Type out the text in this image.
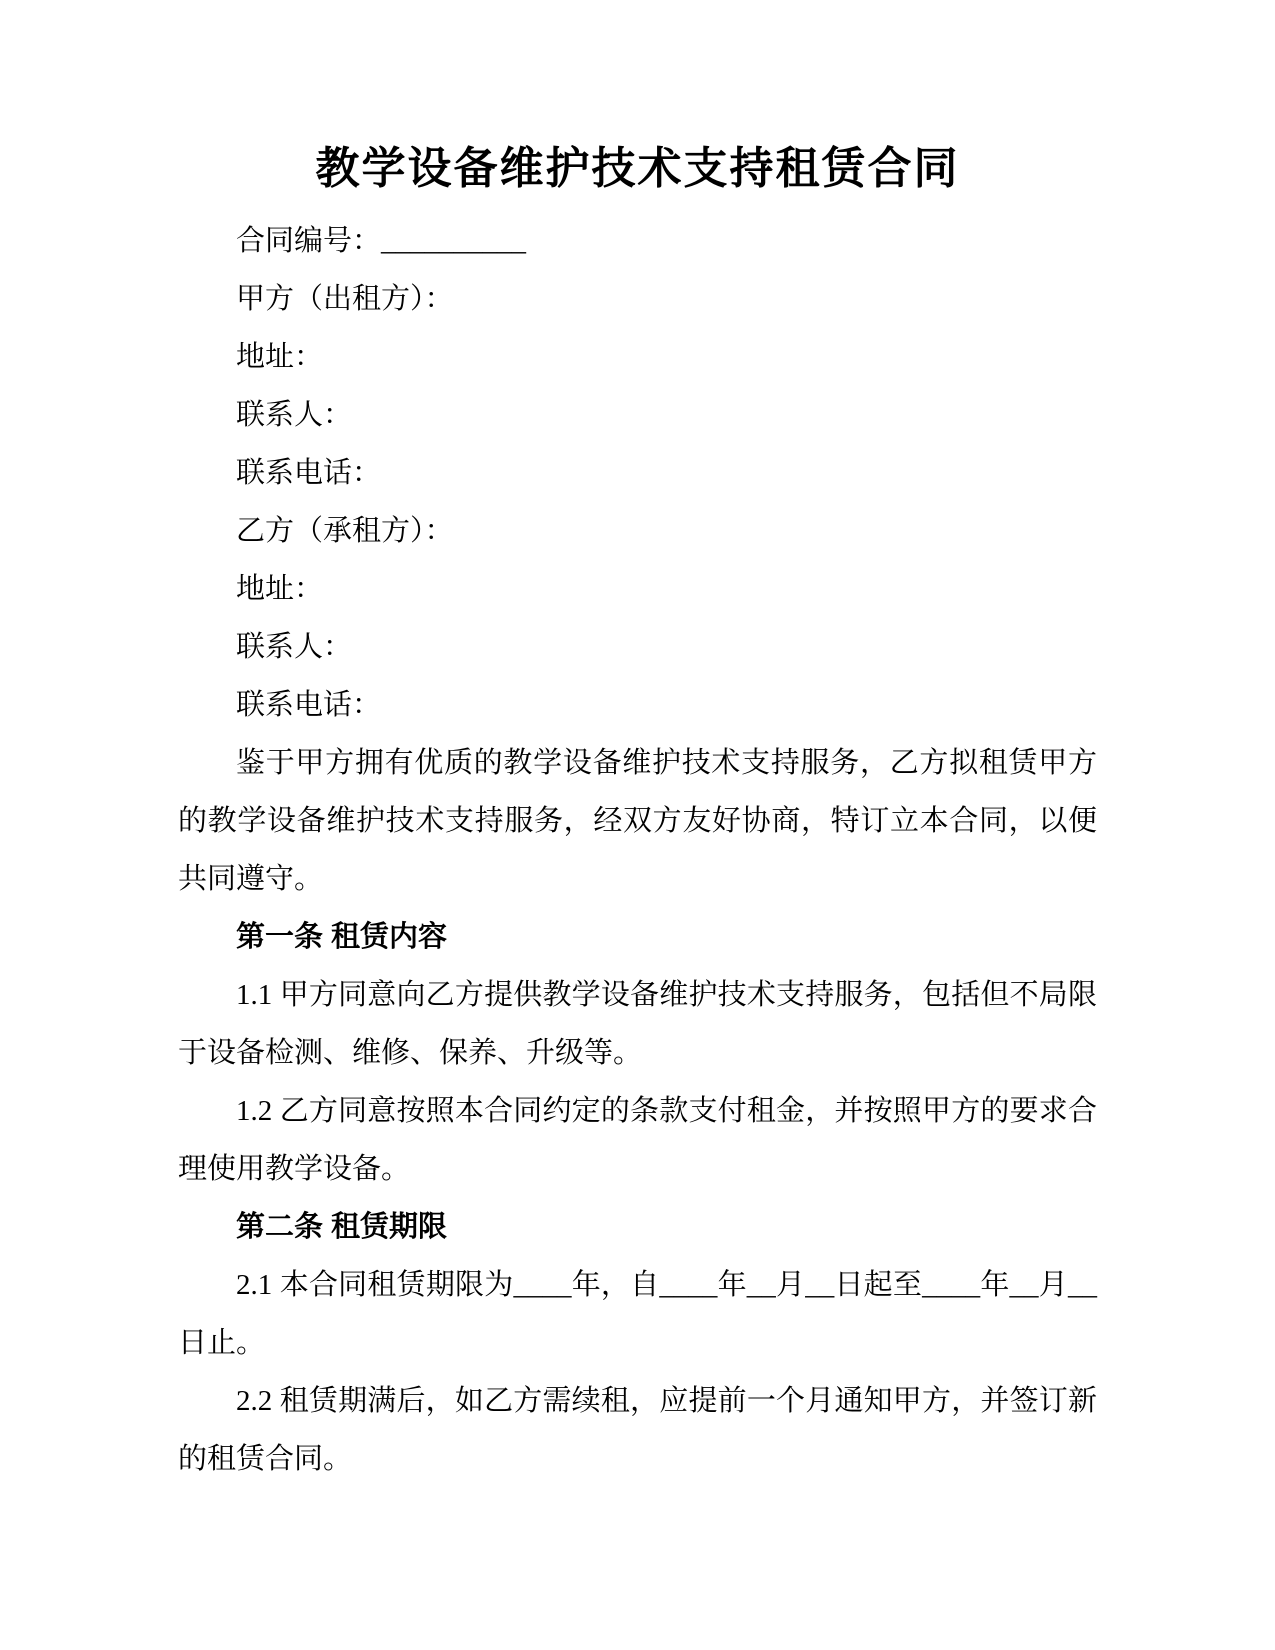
教学设备维护技术支持租赁合同

合同编号：__________

甲方（出租方）：

地址：

联系人：

联系电话：

乙方（承租方）：

地址：

联系人：

联系电话：

鉴于甲方拥有优质的教学设备维护技术支持服务，乙方拟租赁甲方的教学设备维护技术支持服务，经双方友好协商，特订立本合同，以便共同遵守。

第一条 租赁内容

1.1 甲方同意向乙方提供教学设备维护技术支持服务，包括但不局限于设备检测、维修、保养、升级等。

1.2 乙方同意按照本合同约定的条款支付租金，并按照甲方的要求合理使用教学设备。

第二条 租赁期限

2.1 本合同租赁期限为____年，自____年__月__日起至____年__月__日止。

2.2 租赁期满后，如乙方需续租，应提前一个月通知甲方，并签订新的租赁合同。
